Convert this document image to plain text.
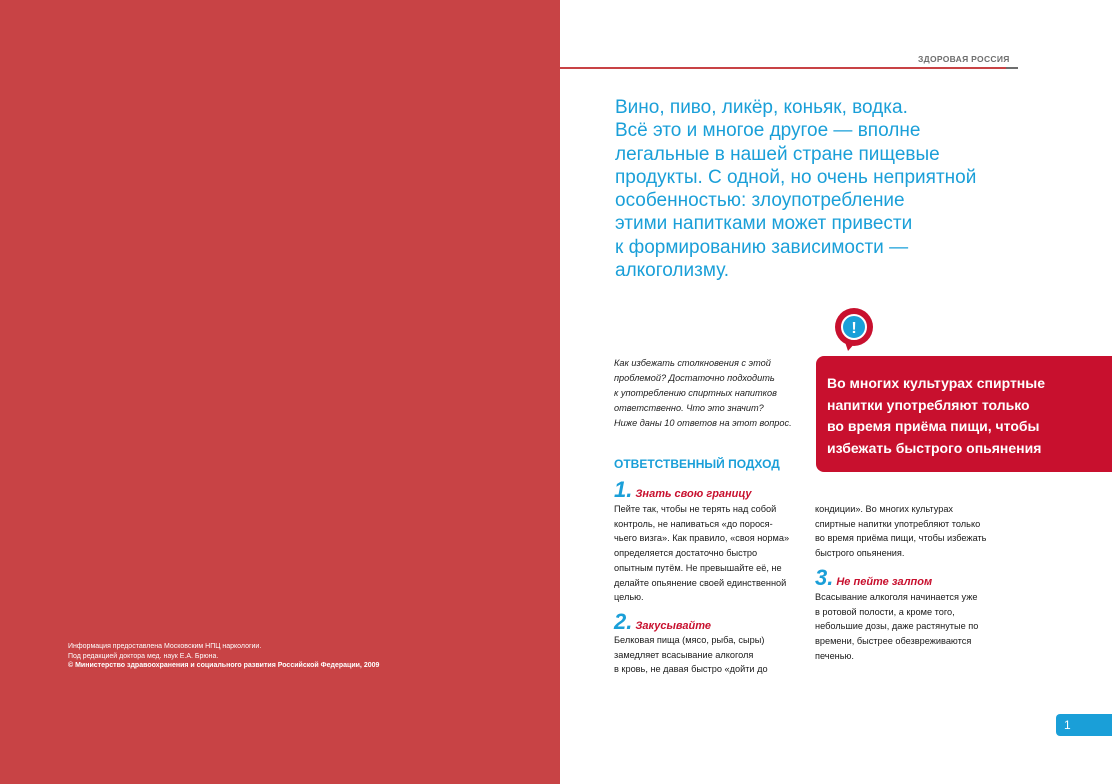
Информация предоставлена Московским НПЦ наркологии.
Под редакцией доктора мед. наук Е.А. Брюна.
© Министерство здравоохранения и социального развития Российской Федерации, 2009
ЗДОРОВАЯ РОССИЯ
Вино, пиво, ликёр, коньяк, водка.
Всё это и многое другое — вполне
легальные в нашей стране пищевые
продукты. С одной, но очень неприятной
особенностью: злоупотребление
этими напитками может привести
к формированию зависимости —
алкоголизму.
Как избежать столкновения с этой
проблемой? Достаточно подходить
к употреблению спиртных напитков
ответственно. Что это значит?
Ниже даны 10 ответов на этот вопрос.
Во многих культурах спиртные
напитки употребляют только
во время приёма пищи, чтобы
избежать быстрого опьянения
!
ОТВЕТСТВЕННЫЙ ПОДХОД
1. Знать свою границу
Пейте так, чтобы не терять над собой
контроль, не напиваться «до порося-
чьего визга». Как правило, «своя норма»
определяется достаточно быстро
опытным путём. Не превышайте её, не
делайте опьянение своей единственной
целью.
2. Закусывайте
Белковая пища (мясо, рыба, сыры)
замедляет всасывание алкоголя
в кровь, не давая быстро «дойти до
кондиции». Во многих культурах
спиртные напитки употребляют только
во время приёма пищи, чтобы избежать
быстрого опьянения.
3. Не пейте залпом
Всасывание алкоголя начинается уже
в ротовой полости, а кроме того,
небольшие дозы, даже растянутые по
времени, быстрее обезвреживаются
печенью.
1
